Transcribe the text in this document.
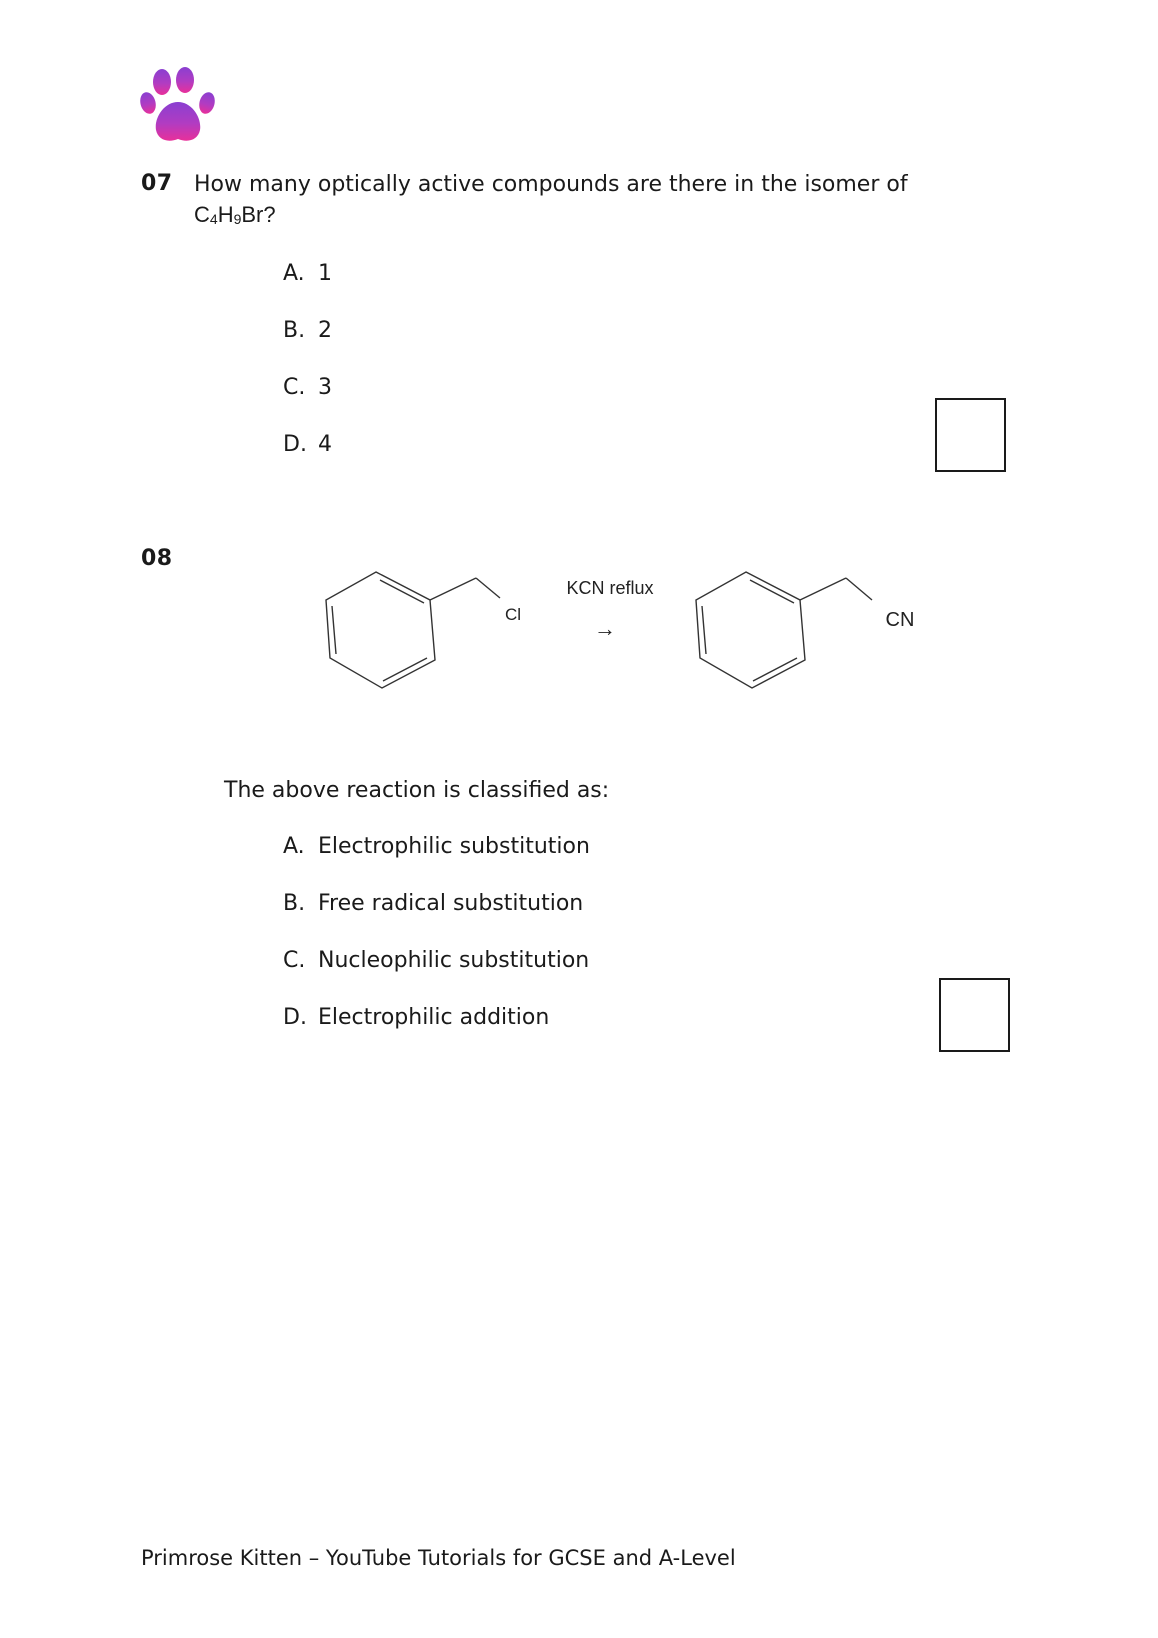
07 How many optically active compounds are there in the isomer of
$C_4H_9Br$?
A. 1
B. 2
C. 3
D. 4
08
Cl
KCN reflux
→	CN
The above reaction is classified as:
A. Electrophilic substitution
B. Free radical substitution
C. Nucleophilic substitution
D. Electrophilic addition
Primrose Kitten – YouTube Tutorials for GCSE and A-Level
